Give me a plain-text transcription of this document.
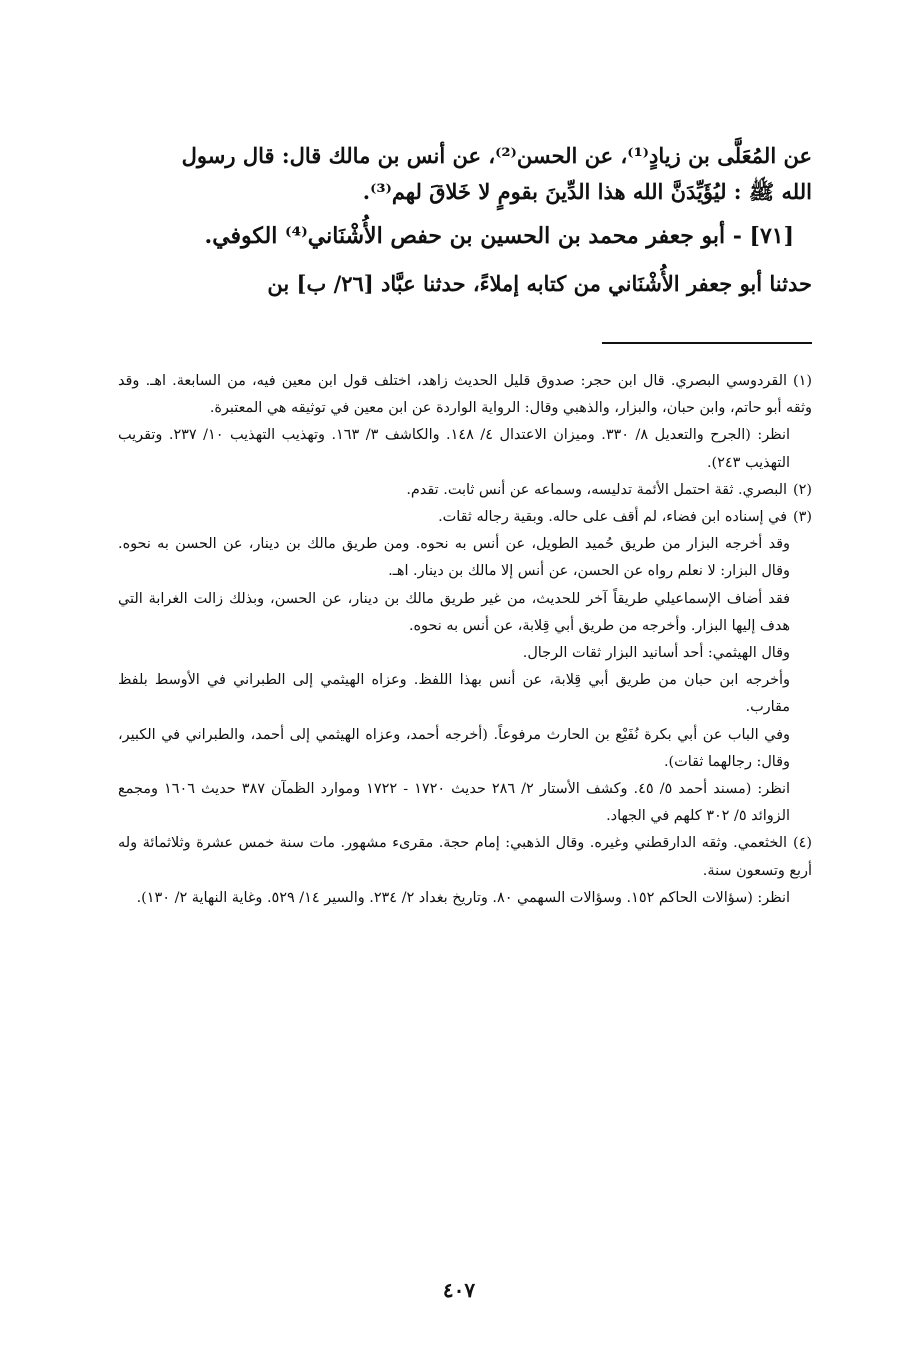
عن المُعَلَّى بن زيادٍ⁽¹⁾، عن الحسن⁽²⁾، عن أنس بن مالك قال: قال رسول

الله ﷺ : ليُؤَيِّدَنَّ الله هذا الدِّينَ بقومٍ لا خَلاقَ لهم⁽³⁾.

[٧١] - أبو جعفر محمد بن الحسين بن حفص الأُشْنَاني⁽⁴⁾ الكوفي.

حدثنا أبو جعفر الأُشْنَاني من كتابه إملاءً، حدثنا عبَّاد [٢٦/ ب] بن

(١)القردوسي البصري. قال ابن حجر: صدوق قليل الحديث زاهد، اختلف قول ابن معين فيه، من السابعة. اهـ. وقد وثقه أبو حاتم، وابن حبان، والبزار، والذهبي وقال: الرواية الواردة عن ابن معين في توثيقه هي المعتبرة.

انظر: (الجرح والتعديل ٨/ ٣٣٠. وميزان الاعتدال ٤/ ١٤٨. والكاشف ٣/ ١٦٣. وتهذيب التهذيب ١٠/ ٢٣٧. وتقريب التهذيب ٢٤٣).

(٢)البصري. ثقة احتمل الأئمة تدليسه، وسماعه عن أنس ثابت. تقدم.

(٣)في إسناده ابن فضاء، لم أقف على حاله. وبقية رجاله ثقات.

وقد أخرجه البزار من طريق حُميد الطويل، عن أنس به نحوه. ومن طريق مالك بن دينار، عن الحسن به نحوه. وقال البزار: لا نعلم رواه عن الحسن، عن أنس إلا مالك بن دينار. اهـ.

فقد أضاف الإسماعيلي طريقاً آخر للحديث، من غير طريق مالك بن دينار، عن الحسن، وبذلك زالت الغرابة التي هدف إليها البزار. وأخرجه من طريق أبي قِلابة، عن أنس به نحوه.

وقال الهيثمي: أحد أسانيد البزار ثقات الرجال.

وأخرجه ابن حبان من طريق أبي قِلابة، عن أنس بهذا اللفظ. وعزاه الهيثمي إلى الطبراني في الأوسط بلفظ مقارب.

وفي الباب عن أبي بكرة نُفَيْع بن الحارث مرفوعاً. (أخرجه أحمد، وعزاه الهيثمي إلى أحمد، والطبراني في الكبير، وقال: رجالهما ثقات).

انظر: (مسند أحمد ٥/ ٤٥. وكشف الأستار ٢/ ٢٨٦ حديث ١٧٢٠ - ١٧٢٢ وموارد الظمآن ٣٨٧ حديث ١٦٠٦ ومجمع الزوائد ٥/ ٣٠٢ كلهم في الجهاد.

(٤)الخثعمي. وثقه الدارقطني وغيره. وقال الذهبي: إمام حجة. مقرىء مشهور. مات سنة خمس عشرة وثلاثمائة وله أربع وتسعون سنة.

انظر: (سؤالات الحاكم ١٥٢. وسؤالات السهمي ٨٠. وتاريخ بغداد ٢/ ٢٣٤. والسير ١٤/ ٥٢٩. وغاية النهاية ٢/ ١٣٠).

٤٠٧
